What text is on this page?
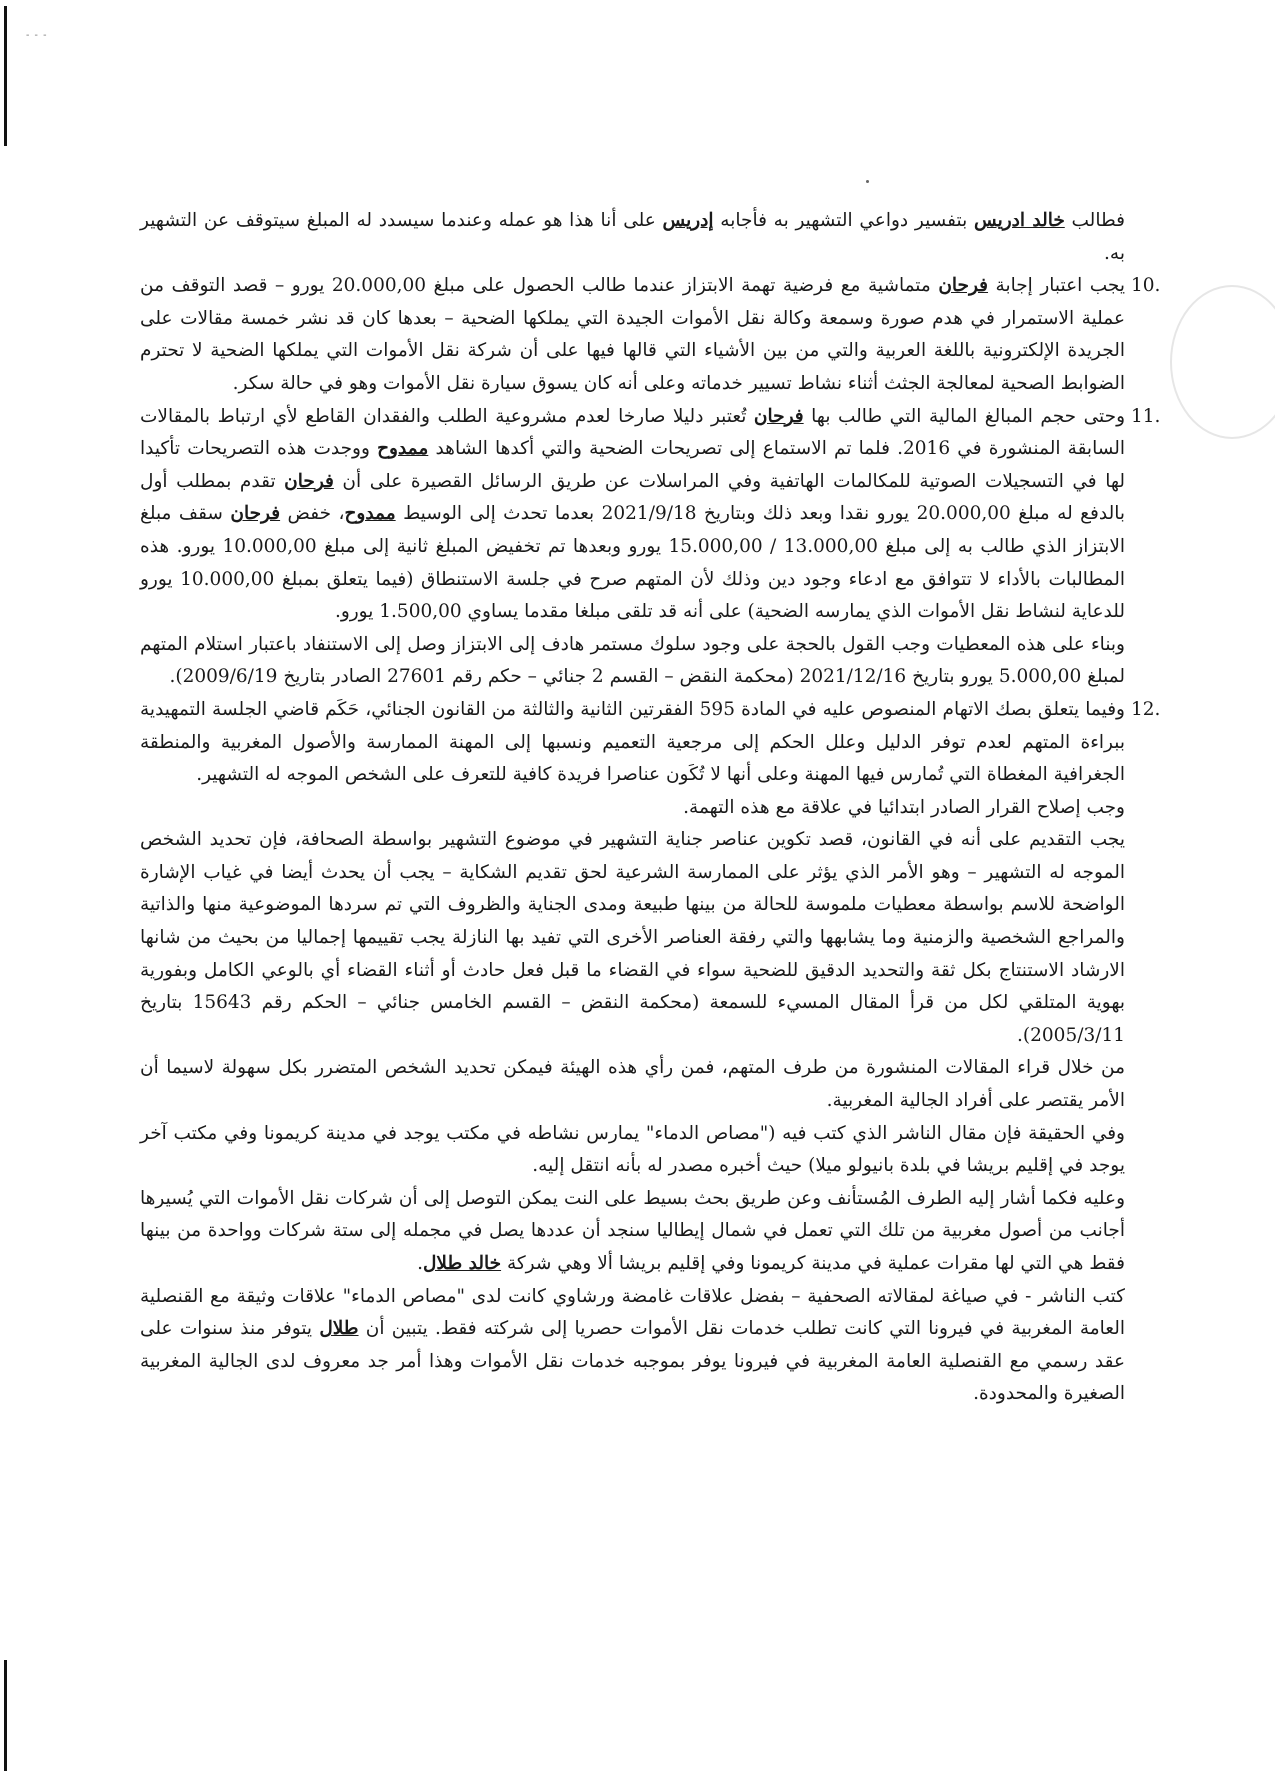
- - -

فطالب خالد ادريس بتفسير دواعي التشهير به فأجابه إدريس على أنا هذا هو عمله وعندما سيسدد له المبلغ سيتوقف عن التشهير به.

10.
يجب اعتبار إجابة فرحان متماشية مع فرضية تهمة الابتزاز عندما طالب الحصول على مبلغ 20.000,00 يورو – قصد التوقف من عملية الاستمرار في هدم صورة وسمعة وكالة نقل الأموات الجيدة التي يملكها الضحية – بعدها كان قد نشر خمسة مقالات على الجريدة الإلكترونية باللغة العربية والتي من بين الأشياء التي قالها فيها على أن شركة نقل الأموات التي يملكها الضحية لا تحترم الضوابط الصحية لمعالجة الجثث أثناء نشاط تسيير خدماته وعلى أنه كان يسوق سيارة نقل الأموات وهو في حالة سكر.

11.
وحتى حجم المبالغ المالية التي طالب بها فرحان تُعتبر دليلا صارخا لعدم مشروعية الطلب والفقدان القاطع لأي ارتباط بالمقالات السابقة المنشورة في 2016. فلما تم الاستماع إلى تصريحات الضحية والتي أكدها الشاهد ممدوح ووجدت هذه التصريحات تأكيدا لها في التسجيلات الصوتية للمكالمات الهاتفية وفي المراسلات عن طريق الرسائل القصيرة على أن فرحان تقدم بمطلب أول بالدفع له مبلغ 20.000,00 يورو نقدا وبعد ذلك وبتاريخ 2021/9/18 بعدما تحدث إلى الوسيط ممدوح، خفض فرحان سقف مبلغ الابتزاز الذي طالب به إلى مبلغ 13.000,00 / 15.000,00 يورو وبعدها تم تخفيض المبلغ ثانية إلى مبلغ 10.000,00 يورو. هذه المطالبات بالأداء لا تتوافق مع ادعاء وجود دين وذلك لأن المتهم صرح في جلسة الاستنطاق (فيما يتعلق بمبلغ 10.000,00 يورو للدعاية لنشاط نقل الأموات الذي يمارسه الضحية) على أنه قد تلقى مبلغا مقدما يساوي 1.500,00 يورو.

وبناء على هذه المعطيات وجب القول بالحجة على وجود سلوك مستمر هادف إلى الابتزاز وصل إلى الاستنفاد باعتبار استلام المتهم لمبلغ 5.000,00 يورو بتاريخ 2021/12/16 (محكمة النقض – القسم 2 جنائي – حكم رقم 27601 الصادر بتاريخ 2009/6/19).

12.
وفيما يتعلق بصك الاتهام المنصوص عليه في المادة 595 الفقرتين الثانية والثالثة من القانون الجنائي، حَكَم قاضي الجلسة التمهيدية ببراءة المتهم لعدم توفر الدليل وعلل الحكم إلى مرجعية التعميم ونسبها إلى المهنة الممارسة والأصول المغربية والمنطقة الجغرافية المغطاة التي تُمارس فيها المهنة وعلى أنها لا تُكَون عناصرا فريدة كافية للتعرف على الشخص الموجه له التشهير.

وجب إصلاح القرار الصادر ابتدائيا في علاقة مع هذه التهمة.

يجب التقديم على أنه في القانون، قصد تكوين عناصر جناية التشهير في موضوع التشهير بواسطة الصحافة، فإن تحديد الشخص الموجه له التشهير – وهو الأمر الذي يؤثر على الممارسة الشرعية لحق تقديم الشكاية – يجب أن يحدث أيضا في غياب الإشارة الواضحة للاسم بواسطة معطيات ملموسة للحالة من بينها طبيعة ومدى الجناية والظروف التي تم سردها الموضوعية منها والذاتية والمراجع الشخصية والزمنية وما يشابهها والتي رفقة العناصر الأخرى التي تفيد بها النازلة يجب تقييمها إجماليا من بحيث من شانها الارشاد الاستنتاج بكل ثقة والتحديد الدقيق للضحية سواء في القضاء ما قبل فعل حادث أو أثناء القضاء أي بالوعي الكامل وبفورية بهوية المتلقي لكل من قرأ المقال المسيء للسمعة (محكمة النقض – القسم الخامس جنائي – الحكم رقم 15643 بتاريخ 2005/3/11).

من خلال قراء المقالات المنشورة من طرف المتهم، فمن رأي هذه الهيئة فيمكن تحديد الشخص المتضرر بكل سهولة لاسيما أن الأمر يقتصر على أفراد الجالية المغربية.

وفي الحقيقة فإن مقال الناشر الذي كتب فيه ("مصاص الدماء" يمارس نشاطه في مكتب يوجد في مدينة كريمونا وفي مكتب آخر يوجد في إقليم بريشا في بلدة بانيولو ميلا) حيث أخبره مصدر له بأنه انتقل إليه.

وعليه فكما أشار إليه الطرف المُستأنف وعن طريق بحث بسيط على النت يمكن التوصل إلى أن شركات نقل الأموات التي يُسيرها أجانب من أصول مغربية من تلك التي تعمل في شمال إيطاليا سنجد أن عددها يصل في مجمله إلى ستة شركات وواحدة من بينها فقط هي التي لها مقرات عملية في مدينة كريمونا وفي إقليم بريشا ألا وهي شركة خالد طلال.

كتب الناشر - في صياغة لمقالاته الصحفية – بفضل علاقات غامضة ورشاوي كانت لدى "مصاص الدماء" علاقات وثيقة مع القنصلية العامة المغربية في فيرونا التي كانت تطلب خدمات نقل الأموات حصريا إلى شركته فقط. يتبين أن طلال يتوفر منذ سنوات على عقد رسمي مع القنصلية العامة المغربية في فيرونا يوفر بموجبه خدمات نقل الأموات وهذا أمر جد معروف لدى الجالية المغربية الصغيرة والمحدودة.
